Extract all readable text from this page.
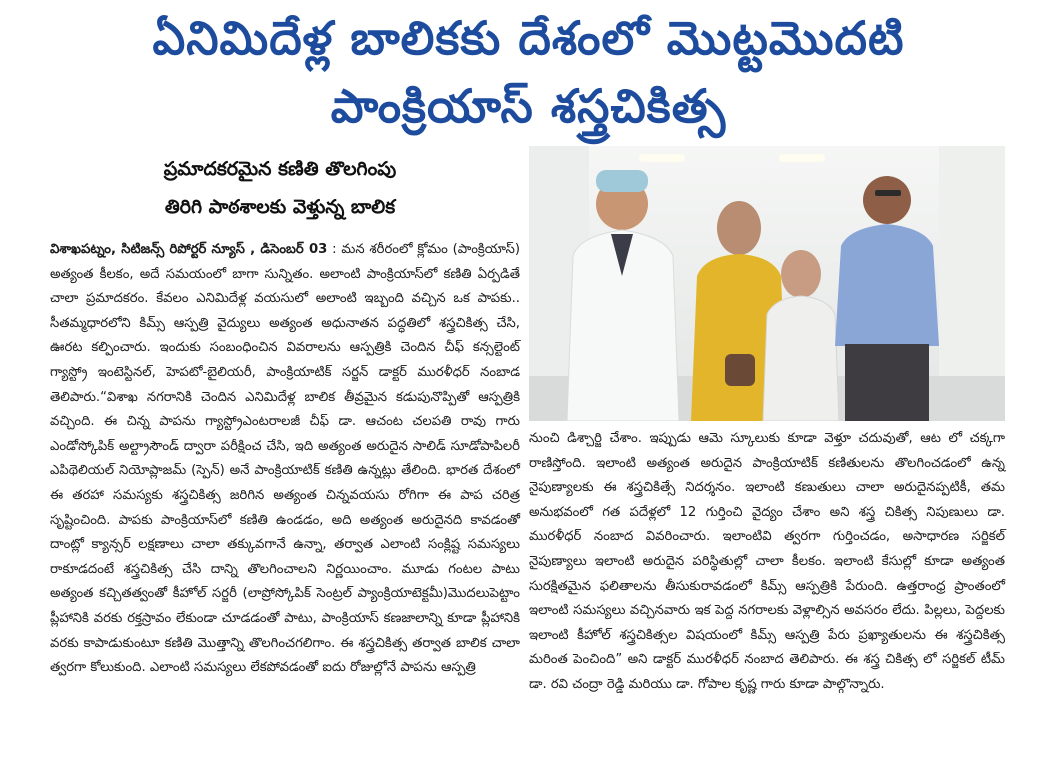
ఏనిమిదేళ్ల బాలికకు దేశంలో మొట్టమొదటి
పాంక్రియాస్ శస్త్రచికిత్స
ప్రమాదకరమైన కణితి తొలగింపు
తిరిగి పాఠశాలకు వెళ్తున్న బాలిక
విశాఖపట్నం, సిటిజన్స్ రిపోర్టర్ న్యూస్ , డిసెంబర్ 03 : మన శరీరంలో క్లోమం (పాంక్రియాస్) అత్యంత కీలకం, అదే సమయంలో బాగా సున్నితం. అలాంటి పాంక్రియాస్‌లో కణితి ఏర్పడితే చాలా ప్రమాదకరం. కేవలం ఎనిమిదేళ్ల వయసులో అలాంటి ఇబ్బంది వచ్చిన ఒక పాపకు.. సీతమ్మధారలోని కిమ్స్ ఆస్పత్రి వైద్యులు అత్యంత అధునాతన పద్ధతిలో శస్త్రచికిత్స చేసి, ఊరట కల్పించారు. ఇందుకు సంబంధించిన వివరాలను ఆస్పత్రికి చెందిన చీఫ్ కన్సల్టెంట్ గ్యాస్ట్రో ఇంటెస్టినల్, హెపటో-బైలియరీ, పాంక్రియాటిక్ సర్జన్ డాక్టర్ మురళీధర్ నంబాడ తెలిపారు.“విశాఖ నగరానికి చెందిన ఎనిమిదేళ్ల బాలిక తీవ్రమైన కడుపునొప్పితో ఆస్పత్రికి వచ్చింది. ఈ చిన్న పాపను గ్యాస్ట్రోఎంటరాలజీ చీఫ్ డా. ఆచంట చలపతి రావు గారు ఎండోస్కోపిక్ అల్ట్రాసౌండ్ ద్వారా పరీక్షించ చేసి, ఇది అత్యంత అరుదైన సాలిడ్ సూడోపాపిలరీ ఎపిథెలియల్ నియోప్లాజమ్ (స్పెన్) అనే పాంక్రియాటిక్ కణితి ఉన్నట్లు తేలింది. భారత దేశంలో ఈ తరహా సమస్యకు శస్త్రచికిత్స జరిగిన అత్యంత చిన్నవయసు రోగిగా ఈ పాప చరిత్ర సృష్టించింది. పాపకు పాంక్రియాస్‌లో కణితి ఉండడం, అది అత్యంత అరుదైనది కావడంతో దాంట్లో క్యాన్సర్ లక్షణాలు చాలా తక్కువగానే ఉన్నా, తర్వాత ఎలాంటి సంక్లిష్ట సమస్యలు రాకూడదంటే శస్త్రచికిత్స చేసి దాన్ని తొలగించాలని నిర్ణయించాం. మూడు గంటల పాటు అత్యంత కచ్చితత్వంతో కీహోల్ సర్జరీ (లాప్రోస్కోపిక్ సెంట్రల్ ప్యాంక్రియాటెక్టమీ)మొదలుపెట్టాం ప్లీహానికి వరకు రక్తస్రావం లేకుండా చూడడంతో పాటు, పాంక్రియాస్ కణజాలాన్ని కూడా ప్లీహానికి వరకు కాపాడుకుంటూ కణితి మొత్తాన్ని తొలగించగలిగాం. ఈ శస్త్రచికిత్స తర్వాత బాలిక చాలా త్వరగా కోలుకుంది. ఎలాంటి సమస్యలు లేకపోవడంతో ఐదు రోజుల్లోనే పాపను ఆస్పత్రి
నుంచి డిశ్చార్జి చేశాం. ఇప్పుడు ఆమె స్కూలుకు కూడా వెళ్తూ చదువుతో, ఆట లో చక్కగా రాణిస్తోంది. ఇలాంటి అత్యంత అరుదైన పాంక్రియాటిక్ కణితులను తొలగించడంలో ఉన్న నైపుణ్యాలకు ఈ శస్త్రచికిత్సే నిదర్శనం. ఇలాంటి కణుతులు చాలా అరుదైనప్పటికీ, తమ అనుభవంలో గత పదేళ్లలో 12 గుర్తించి వైద్యం చేశాం అని శస్త్ర చికిత్స నిపుణులు డా. మురళీధర్ నంబాద వివరించారు. ఇలాంటివి త్వరగా గుర్తించడం, అసాధారణ సర్జికల్ నైపుణ్యాలు ఇలాంటి అరుదైన పరిస్థితుల్లో చాలా కీలకం. ఇలాంటి కేసుల్లో కూడా అత్యంత సురక్షితమైన ఫలితాలను తీసుకురావడంలో కిమ్స్ ఆస్పత్రికి పేరుంది. ఉత్తరాంధ్ర ప్రాంతంలో ఇలాంటి సమస్యలు వచ్చినవారు ఇక పెద్ద నగరాలకు వెళ్లాల్సిన అవసరం లేదు. పిల్లలు, పెద్దలకు ఇలాంటి కీహోల్ శస్త్రచికిత్సల విషయంలో కిమ్స్ ఆస్పత్రి పేరు ప్రఖ్యాతులను ఈ శస్త్రచికిత్స మరింత పెంచింది” అని డాక్టర్ మురళీధర్ నంబాద తెలిపారు. ఈ శస్త్ర చికిత్స లో సర్జికల్ టీమ్ డా. రవి చంద్రా రెడ్డి మరియు డా. గోపాల కృష్ణ గారు కూడా పాల్గొన్నారు.
